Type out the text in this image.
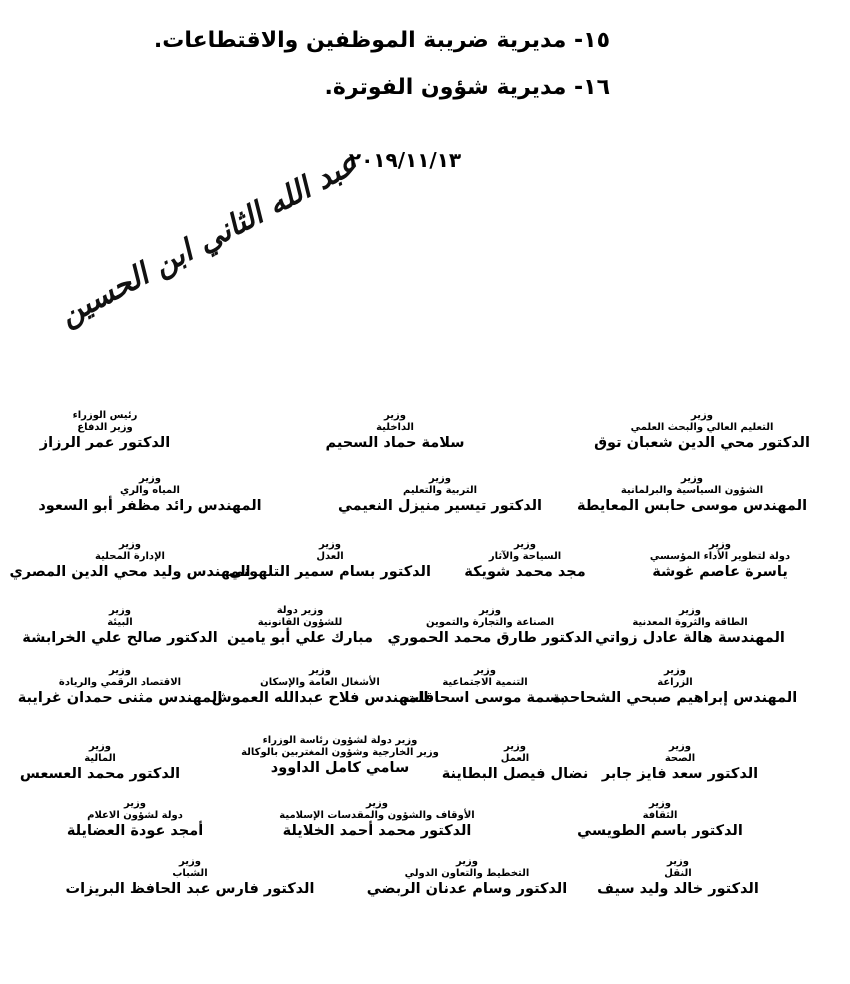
١٥- مديرية ضريبة الموظفين والاقتطاعات.
١٦- مديرية شؤون الفوترة.
٢٠١٩/١١/١٣
عبد الله الثاني ابن الحسين
وزير
التعليم العالي والبحث العلمي
الدكتور محي الدين شعبان توق
وزير
الداخلية
سلامة حماد السحيم
رئيس الوزراء
وزير الدفاع
الدكتور عمر الرزاز
وزير
الشؤون السياسية والبرلمانية
المهندس موسى حابس المعايطة
وزير
التربية والتعليم
الدكتور تيسير منيزل النعيمي
وزير
المياه والري
المهندس رائد مظفر أبو السعود
وزير
دولة لتطوير الأداء المؤسسي
ياسرة عاصم غوشة
وزير
السياحة والآثار
مجد محمد شويكة
وزير
العدل
الدكتور بسام سمير التلهوني
وزير
الإدارة المحلية
المهندس وليد محي الدين المصري
وزير
الطاقة والثروة المعدنية
المهندسة هالة عادل زواتي
وزير
الصناعة والتجارة والتموين
الدكتور طارق محمد الحموري
وزير دولة
للشؤون القانونية
مبارك علي أبو يامين
وزير
البيئة
الدكتور صالح علي الخرابشة
وزير
الزراعة
المهندس إبراهيم صبحي الشحاحدة
وزير
التنمية الاجتماعية
بسمة موسى اسحاقات
وزير
الأشغال العامة والإسكان
المهندس فلاح عبدالله العموش
وزير
الاقتصاد الرقمي والريادة
المهندس مثنى حمدان غرايبة
وزير
الصحة
الدكتور سعد فايز جابر
وزير
العمل
نضال فيصل البطاينة
وزير دولة لشؤون رئاسة الوزراء
وزير الخارجية وشؤون المغتربين بالوكالة
سامي كامل الداوود
وزير
المالية
الدكتور محمد العسعس
وزير
الثقافة
الدكتور باسم الطويسي
وزير
الأوقاف والشؤون والمقدسات الإسلامية
الدكتور محمد أحمد الخلايلة
وزير
دولة لشؤون الاعلام
أمجد عودة العضايلة
وزير
النقل
الدكتور خالد وليد سيف
وزير
التخطيط والتعاون الدولي
الدكتور وسام عدنان الربضي
وزير
الشباب
الدكتور فارس عبد الحافظ البريزات
